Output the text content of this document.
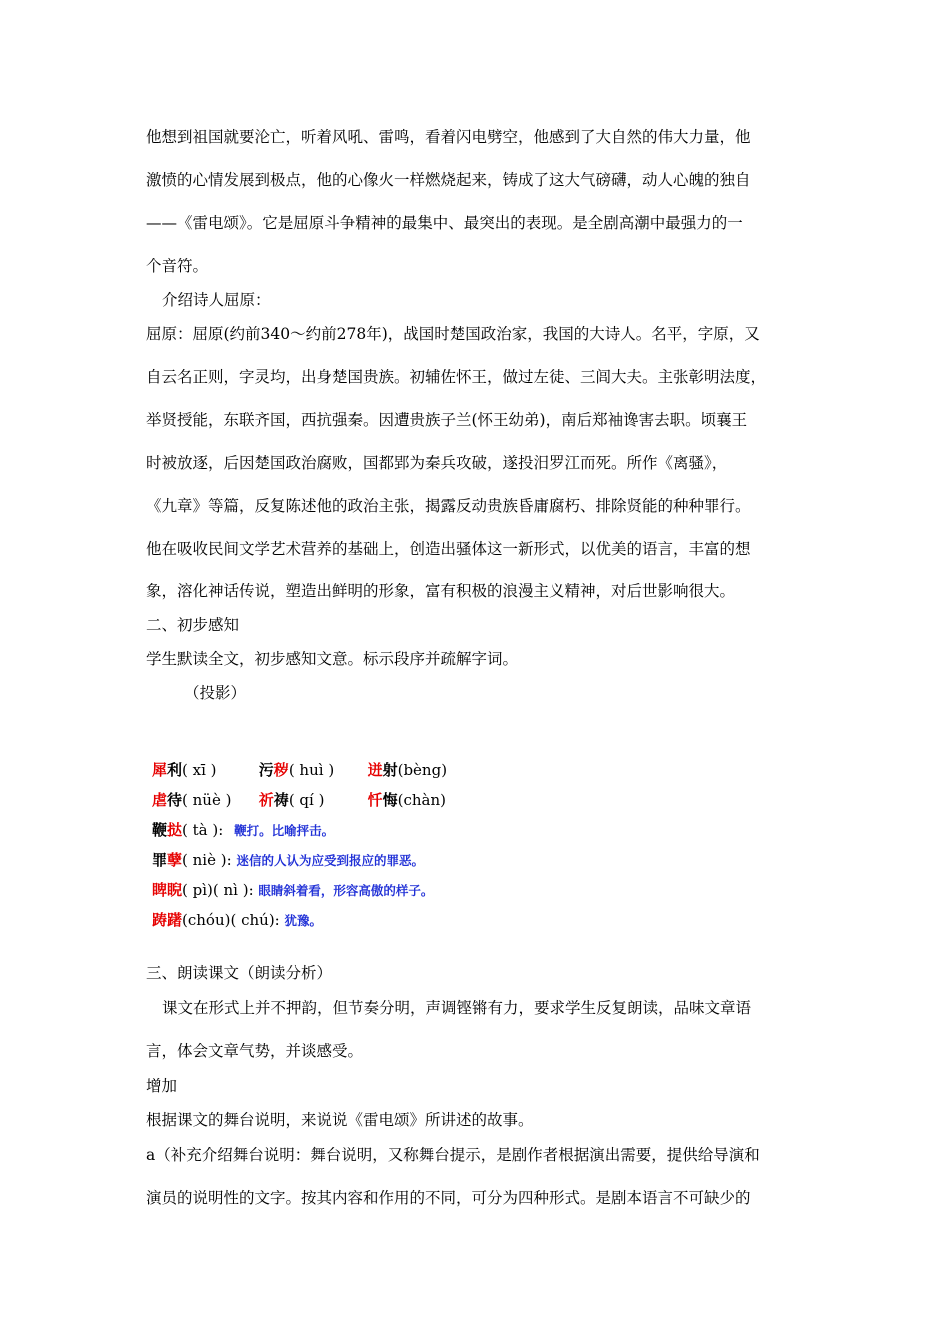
他想到祖国就要沦亡，听着风吼、雷鸣，看着闪电劈空，他感到了大自然的伟大力量，他
激愤的心情发展到极点，他的心像火一样燃烧起来，铸成了这大气磅礴，动人心魄的独自
——《雷电颂》。它是屈原斗争精神的最集中、最突出的表现。是全剧高潮中最强力的一
个音符。
介绍诗人屈原：
屈原：屈原(约前340～约前278年)，战国时楚国政治家，我国的大诗人。名平，字原，又
自云名正则，字灵均，出身楚国贵族。初辅佐怀王，做过左徒、三闾大夫。主张彰明法度，
举贤授能，东联齐国，西抗强秦。因遭贵族子兰(怀王幼弟)，南后郑袖谗害去职。顷襄王
时被放逐，后因楚国政治腐败，国都郢为秦兵攻破，遂投汨罗江而死。所作《离骚》，
《九章》等篇，反复陈述他的政治主张，揭露反动贵族昏庸腐朽、排除贤能的种种罪行。
他在吸收民间文学艺术营养的基础上，创造出骚体这一新形式，以优美的语言，丰富的想
象，溶化神话传说，塑造出鲜明的形象，富有积极的浪漫主义精神，对后世影响很大。
二、初步感知
学生默读全文，初步感知文意。标示段序并疏解字词。
（投影）
犀利( xī )	污秽( huì ) 迸射(bèng)
虐待( nüè ) 祈祷( qí )	忏悔(chàn)
鞭挞( tà ): 鞭打。比喻抨击。
罪孽( niè ): 迷信的人认为应受到报应的罪恶。
睥睨( pì)( nì ): 眼睛斜着看，形容高傲的样子。
踌躇(chóu)( chú): 犹豫。
三、朗读课文（朗读分析）
课文在形式上并不押韵，但节奏分明，声调铿锵有力，要求学生反复朗读，品味文章语
言，体会文章气势，并谈感受。
增加
根据课文的舞台说明，来说说《雷电颂》所讲述的故事。
a（补充介绍舞台说明：舞台说明，又称舞台提示，是剧作者根据演出需要，提供给导演和
演员的说明性的文字。按其内容和作用的不同，可分为四种形式。是剧本语言不可缺少的
